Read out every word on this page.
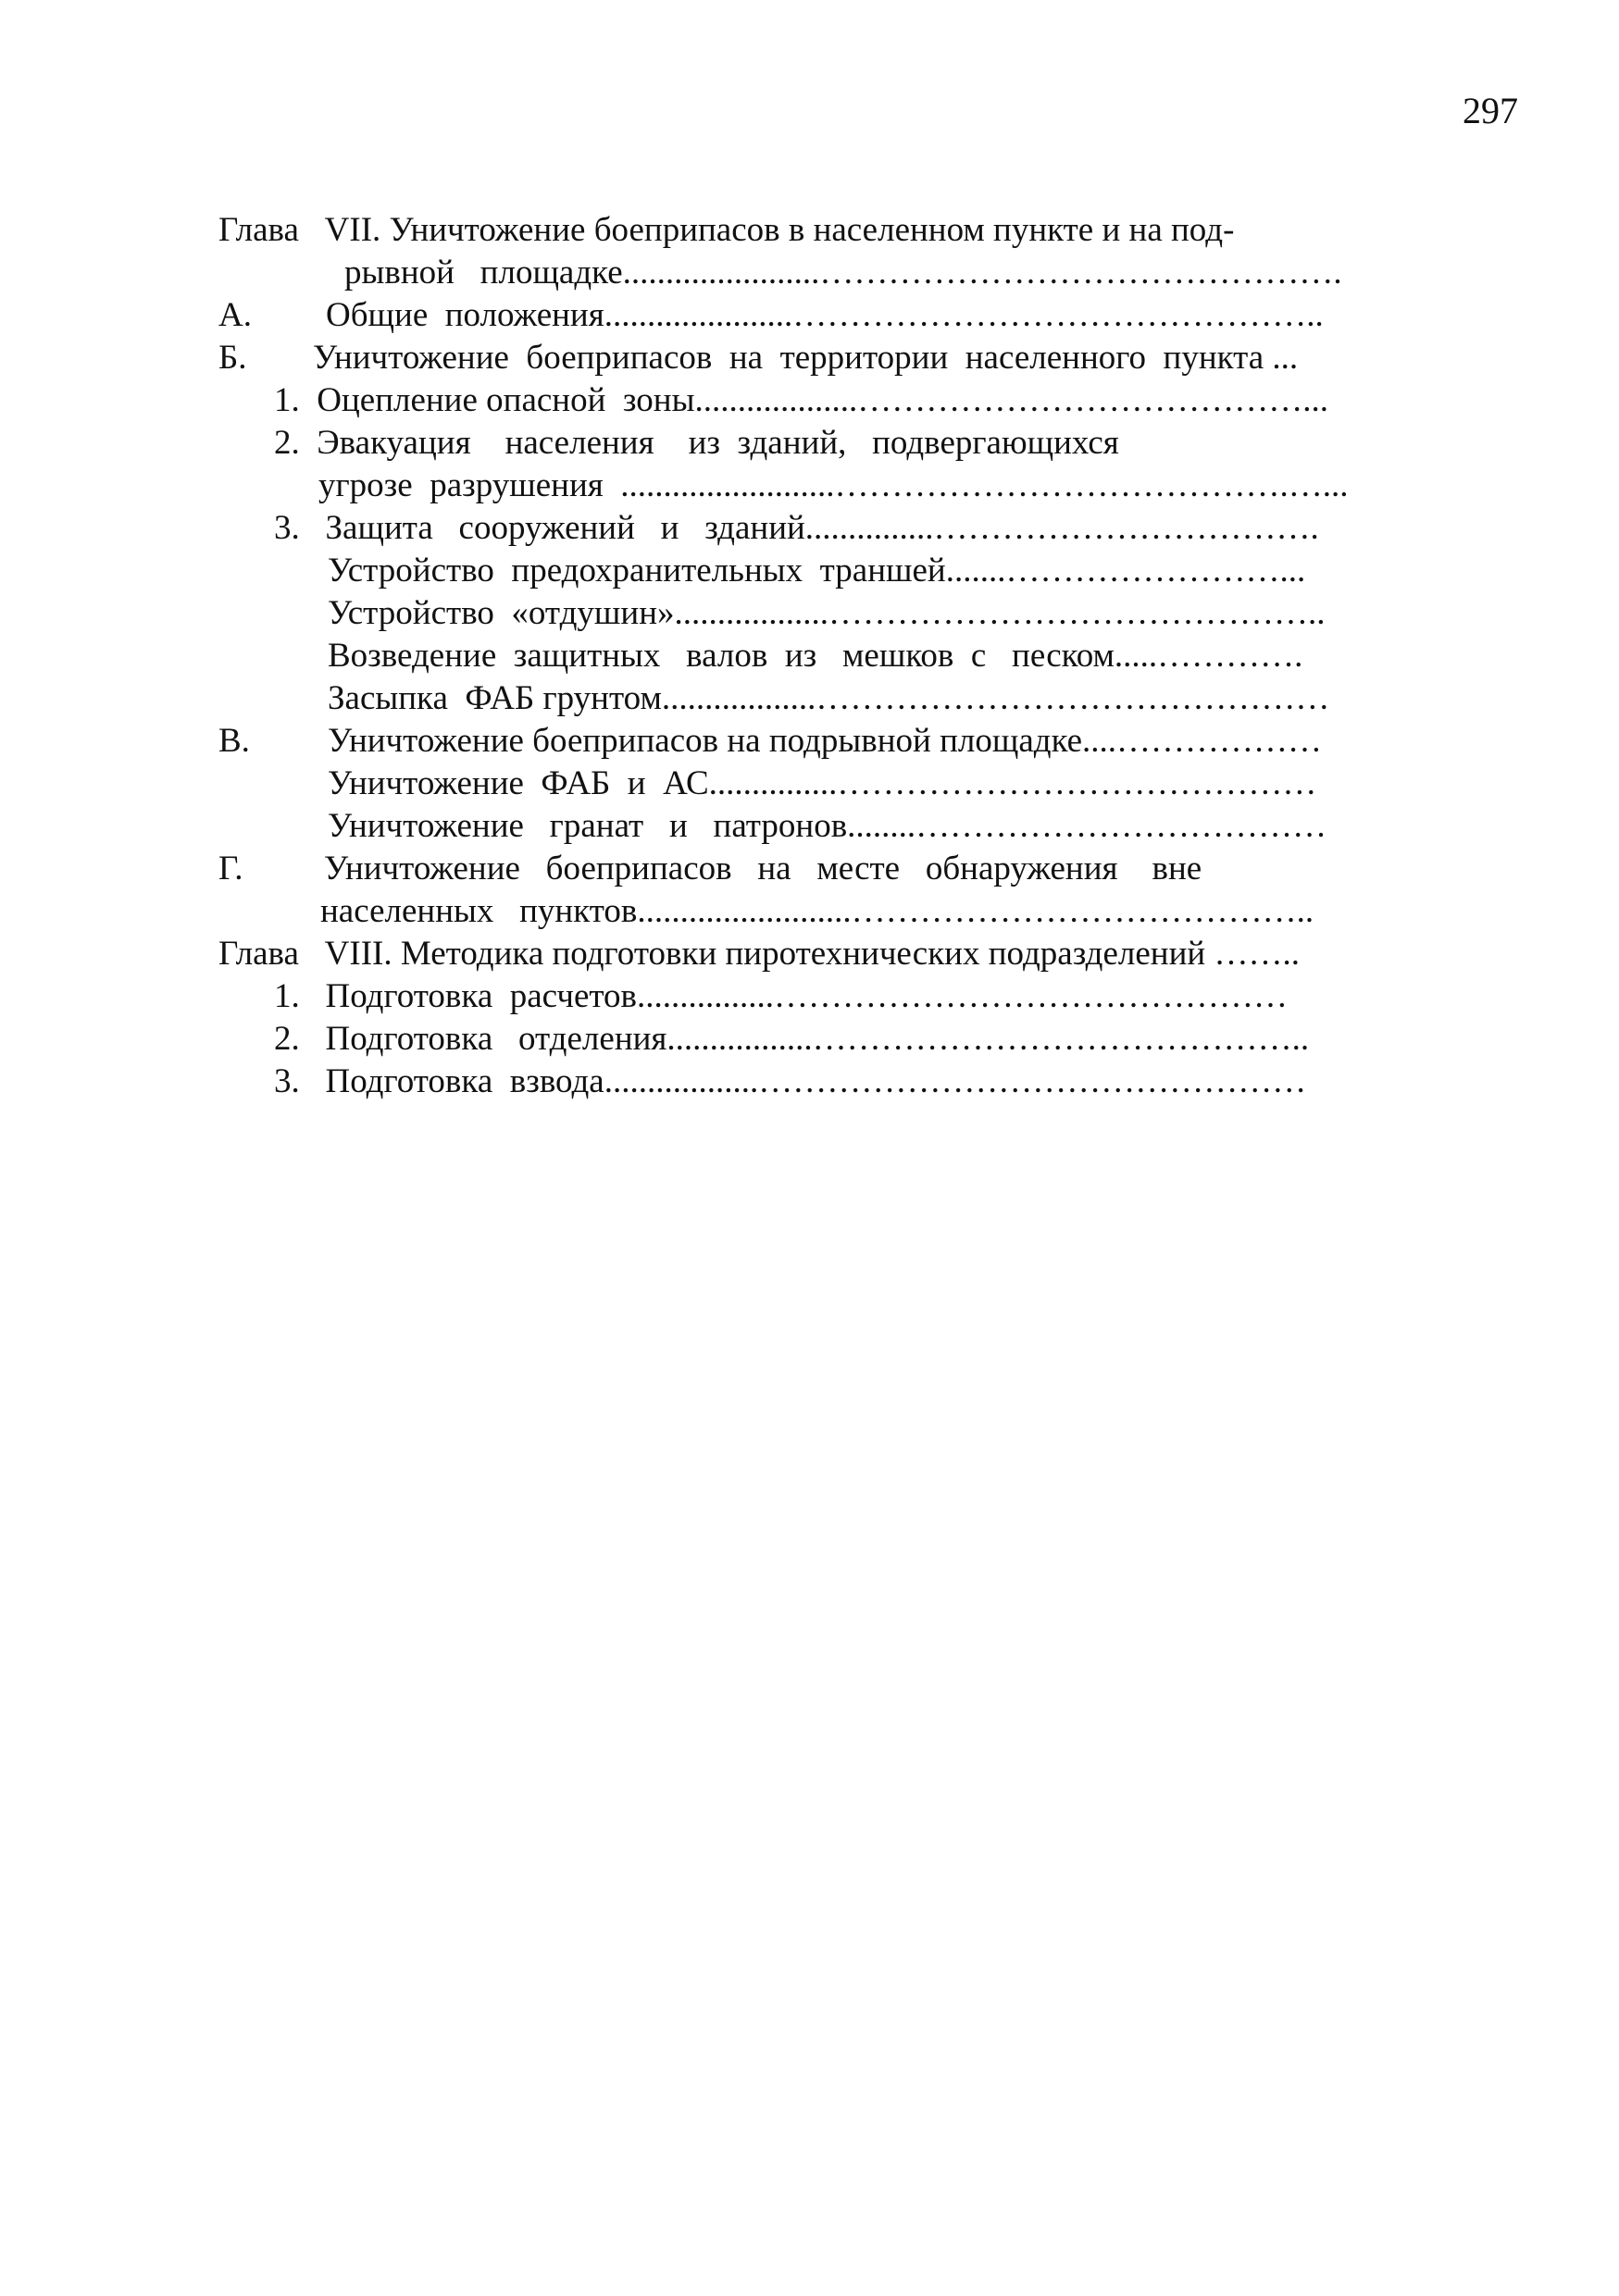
297
Глава   VII. Уничтожение боеприпасов в населенном пункте и на под-
рывной   площадке.......................……………………………………….
А. Общие  положения......................………………………………………..
Б. Уничтожение  боеприпасов  на  территории  населенного  пункта ...
1.  Оцепление опасной  зоны...................…………………………………...
2.  Эвакуация    населения    из  зданий,   подвергающихся
угрозе  разрушения  .........................………………………………….…...
3.   Защита   сооружений   и   зданий...............…………………………….
Устройство  предохранительных  траншей.......……………………...
Устройство  «отдушин»..................……………………………………..
Возведение  защитных   валов  из   мешков  с   песком.....………….
Засыпка  ФАБ грунтом..................………………………………………
В. Уничтожение боеприпасов на подрывной площадке....………………
Уничтожение  ФАБ  и  АС...............……………………………………
Уничтожение   гранат   и   патронов........………………………………
Г. Уничтожение   боеприпасов   на   месте   обнаружения    вне
населенных   пунктов.........................…………………………………..
Глава   VIII. Методика подготовки пиротехнических подразделений ……..
1.   Подготовка  расчетов................………………………………………
2.   Подготовка   отделения.................……………………………………..
3.   Подготовка  взвода..................…………………………………………
